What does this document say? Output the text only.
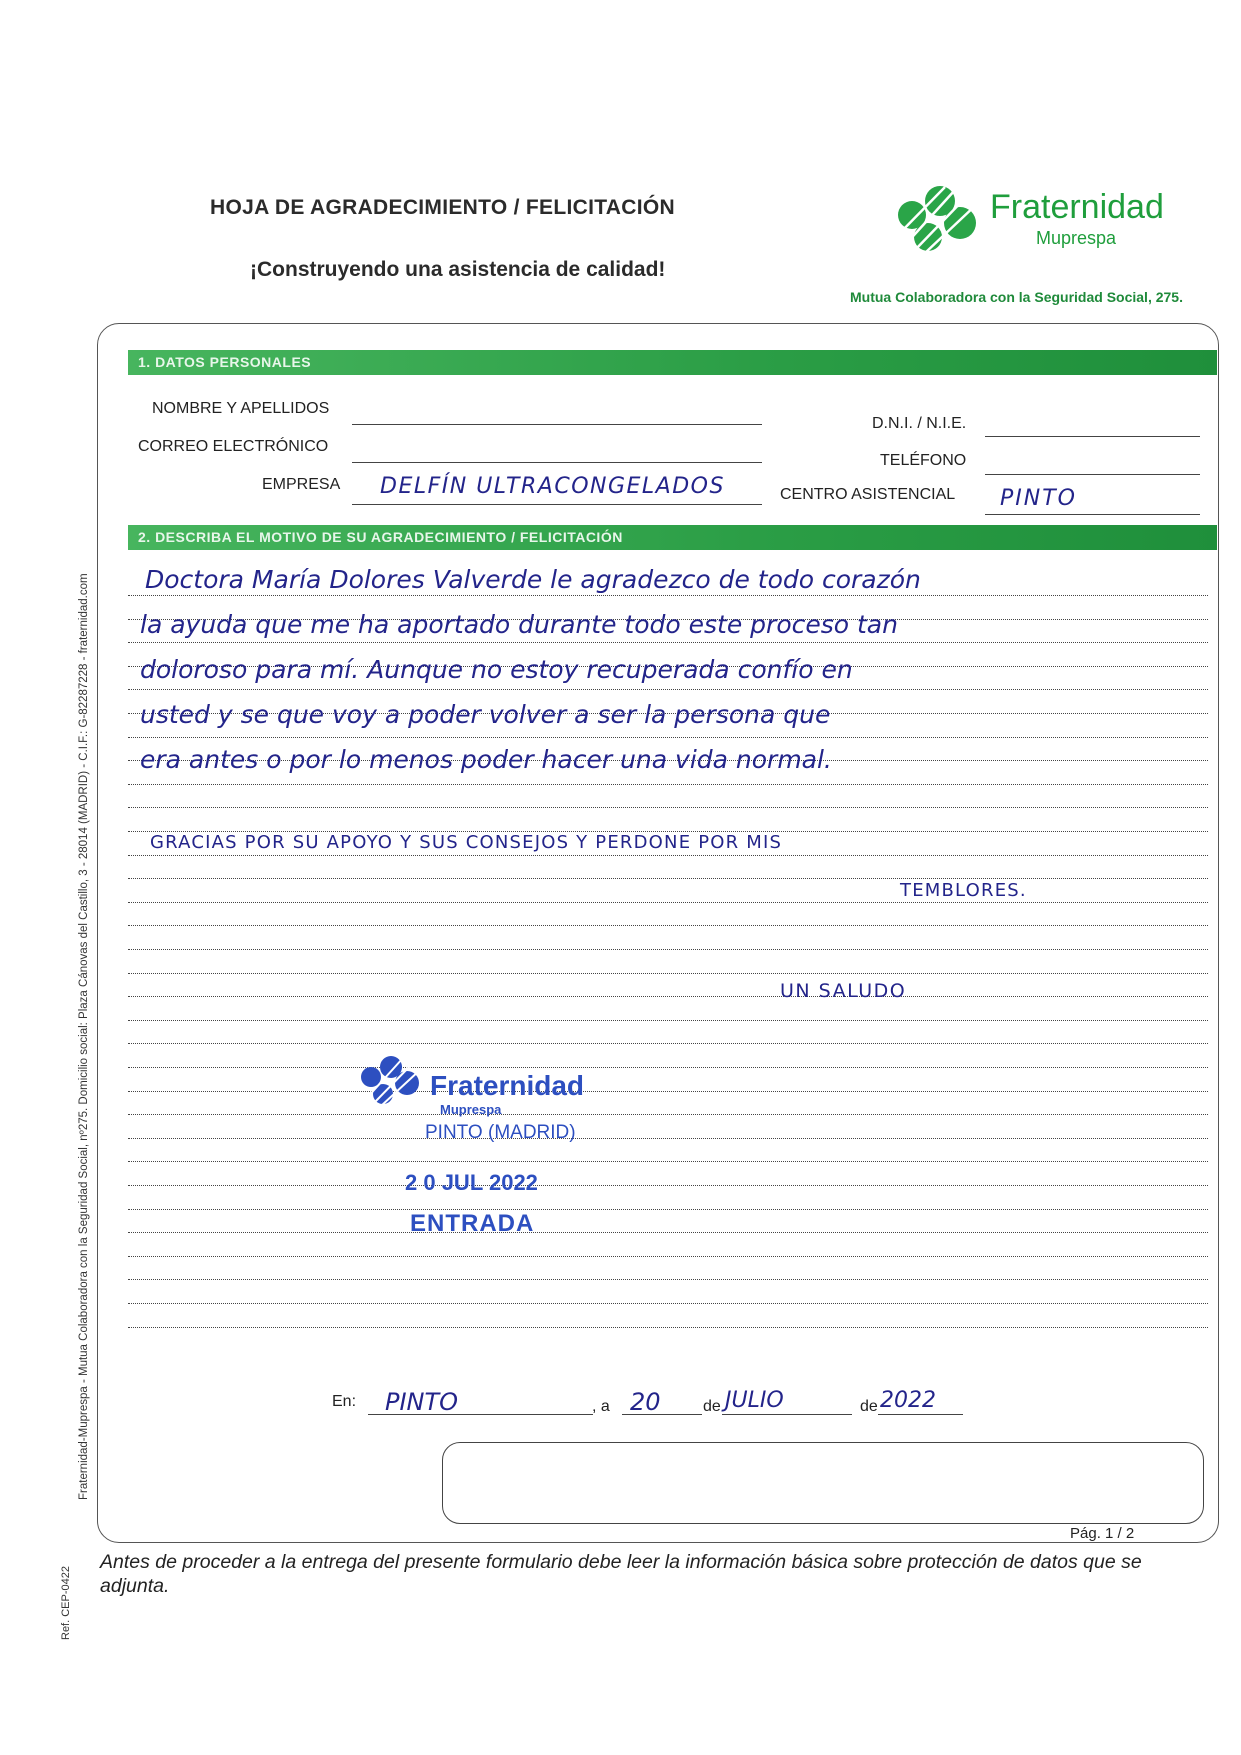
HOJA DE AGRADECIMIENTO / FELICITACIÓN
¡Construyendo una asistencia de calidad!
Fraternidad
Muprespa
Mutua Colaboradora con la Seguridad Social, 275.
Fraternidad-Muprespa - Mutua Colaboradora con la Seguridad Social, nº275. Domicilio social: Plaza Cánovas del Castillo, 3 - 28014 (MADRID) - C.I.F.: G-82287228 - fraternidad.com
Ref. CEP-0422
1. DATOS PERSONALES
NOMBRE Y APELLIDOS
CORREO ELECTRÓNICO
EMPRESA DELFÍN ULTRACONGELADOS
D.N.I. / N.I.E.
TELÉFONO
CENTRO ASISTENCIAL PINTO
2. DESCRIBA EL MOTIVO DE SU AGRADECIMIENTO / FELICITACIÓN
Doctora María Dolores Valverde le agradezco de todo corazón
la ayuda que me ha aportado durante todo este proceso tan
doloroso para mí. Aunque no estoy recuperada confío en
usted y se que voy a poder volver a ser la persona que
era antes o por lo menos poder hacer una vida normal.
GRACIAS POR SU APOYO Y SUS CONSEJOS Y PERDONE POR MIS
TEMBLORES.
UN SALUDO
Fraternidad
Muprespa
PINTO (MADRID)
2 0 JUL 2022
ENTRADA
En: PINTO	, a 20	de JULIO	de 2022
Pág. 1 / 2
Antes de proceder a la entrega del presente formulario debe leer la información básica sobre protección de datos que se adjunta.
